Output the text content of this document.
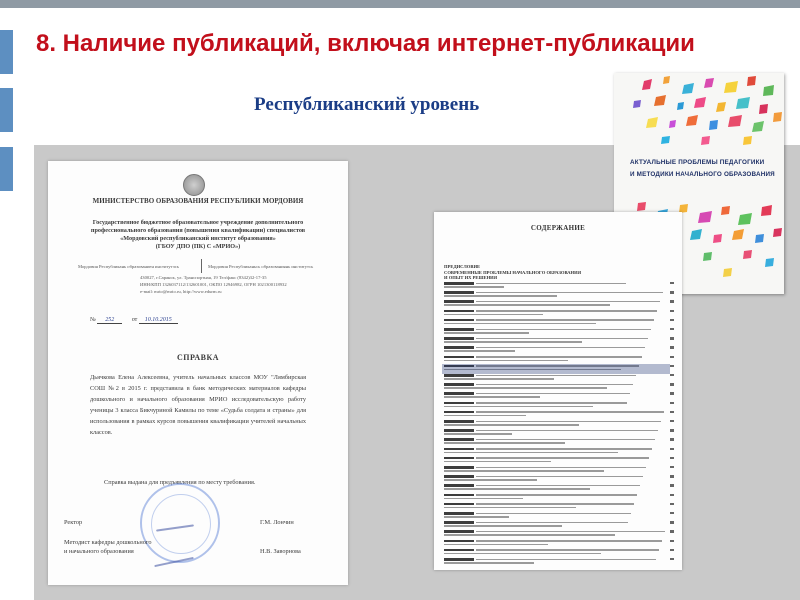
8. Наличие публикаций, включая интернет-публикации
Республиканский уровень
МИНИСТЕРСТВО ОБРАЗОВАНИЯ РЕСПУБЛИКИ МОРДОВИЯ
Государственное бюджетное образовательное учреждение дополнительного
профессионального образования (повышения квалификации) специалистов
«Мордовский республиканский институт образования»
(ГБОУ ДПО (ПК) С «МРИО»)
Мордовия Республикань образованиен институтэсь	Мордовия Республиканьсь образованиянь институтсь
430027, г.Саранск, ул. Транспортная, 19 Тел/факс (8342)32-17-35
ИНН/КПП 1326037112/132601001, ОКПО 12946982, ОГРН 1021300118932
e-mail: mrio@mrio.ru, http://www.edurm.ru
№ 252	от 10.10.2015
СПРАВКА
Дьячкова Елена Алексеевна, учитель начальных классов МОУ "Лямбирская СОШ №2 в 2015 г. представила в банк методических материалов кафедры дошкольного и начального образования МРИО исследовательскую работу ученицы 3 класса Бикчуриной Камилы по теме «Судьба солдата и страны» для использования в рамках курсов повышения квалификации учителей начальных классов.
Справка выдана для предъявления по месту требования.
Ректор	Г.М. Лончин
Методист кафедры дошкольного
и начального образования	Н.В. Заворнова
АКТУАЛЬНЫЕ ПРОБЛЕМЫ ПЕДАГОГИКИ
И МЕТОДИКИ НАЧАЛЬНОГО ОБРАЗОВАНИЯ
СОДЕРЖАНИЕ
ПРЕДИСЛОВИЕ
СОВРЕМЕННЫЕ ПРОБЛЕМЫ НАЧАЛЬНОГО ОБРАЗОВАНИЯ
И ОПЫТ ИХ РЕШЕНИЯ
